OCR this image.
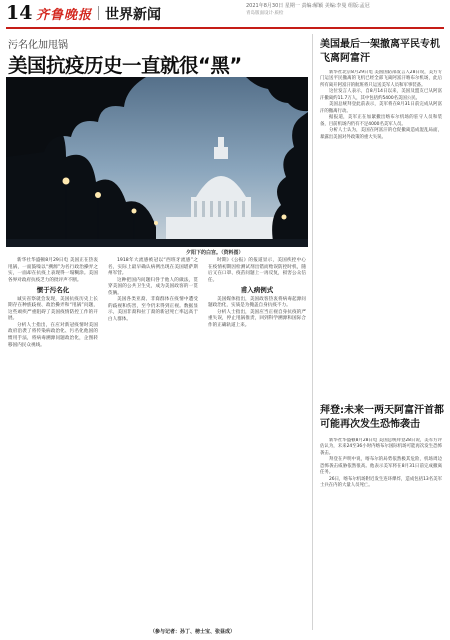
14 齐鲁晚报 世界新闻
2021年8月30日 星期一 责编:解颖 美编:李曼 组版:孟冠
青岛版面设计·质检
污名化加甩锅
美国抗疫历史一直就很“黑”
夕阳下的白宫。（资料图）

新华社华盛顿8月29日电 美国正在热衷甩锅，一面鼓噪以“溯源”为名行政治操弄之实，一面却在抗疫上表现得一塌糊涂。美国各界对政府抗疫乏力的批评声不断。

惯于污名化

诚实省察就会发现，美国抗疫历史上长期存在种族歧视、政治操弄和“甩锅”问题，这些顽疾严重阻碍了美国疫情防控工作的开展。

分析人士指出，在应对新冠疫情时美国政府沿袭了将传染病政治化、污名化他国的惯用手法，将病毒溯源问题政治化，企图转移国内民众视线。

1918年大流感被冠以“西班牙流感”之名，实际上最早确认病例出现在美国堪萨斯州军营。

这种把国内问题归咎于他人的做法，贯穿美国的公共卫生史，成为美国政客的一贯伎俩。

美国各类亚裔、非裔群体在疫情中遭受的歧视和伤害，至今仍未得到正视。数据显示，美国非裔和拉丁裔的新冠死亡率远高于白人群体。

时期》《公报》的报道显示，美国疾控中心在疫情初期因检测试剂出错而贻误防控时机，随后又在口罩、疫苗问题上一再反复，损害公众信任。

甫入病例式

美国媒体指出，美国政客热衷将病毒起源问题政治化，实质是为掩盖自身抗疫不力。

分析人士指出，美国应当正视自身抗疫的严重失误，停止甩锅推责，回到科学溯源和国际合作的正确轨道上来。

（参与记者：孙丁、榜士宝、张昼成）
美国最后一架撤离平民专机
飞离阿富汗

新华社北京8月29日电 美国国防部发言人28日说，美方专门运送平民撤离的飞机已经全部飞离阿富汗喀布尔机场，此后所有离开阿富汗的航班将只运送美军人员和军事装备。

这位发言人表示，自8月14日以来，美国及盟友已从阿富汗撤离约11.7万人，其中包括约5400名美国公民。

美国总统拜登此前表示，美军将在8月31日前完成从阿富汗的撤离行动。

据报道，美军正在加紧撤出喀布尔机场的驻守人员和装备，目前机场内仍有不足4000名美军人员。

分析人士认为，美国在阿富汗的仓促撤离造成混乱局面，暴露出美国对外政策的重大失误。

拜登:未来一两天阿富汗首都
可能再次发生恐怖袭击

新华社华盛顿8月28日电 美国总统拜登28日说，美军方评估认为，未来24至36小时内喀布尔国际机场可能再次发生恐怖袭击。

拜登在声明中说，喀布尔的局势依然极其危险，机场周边恐怖袭击威胁依然很高。他表示美军将在8月31日前完成撤离任务。

26日，喀布尔机场附近发生连环爆炸，造成包括13名美军士兵在内的大量人员死亡。
